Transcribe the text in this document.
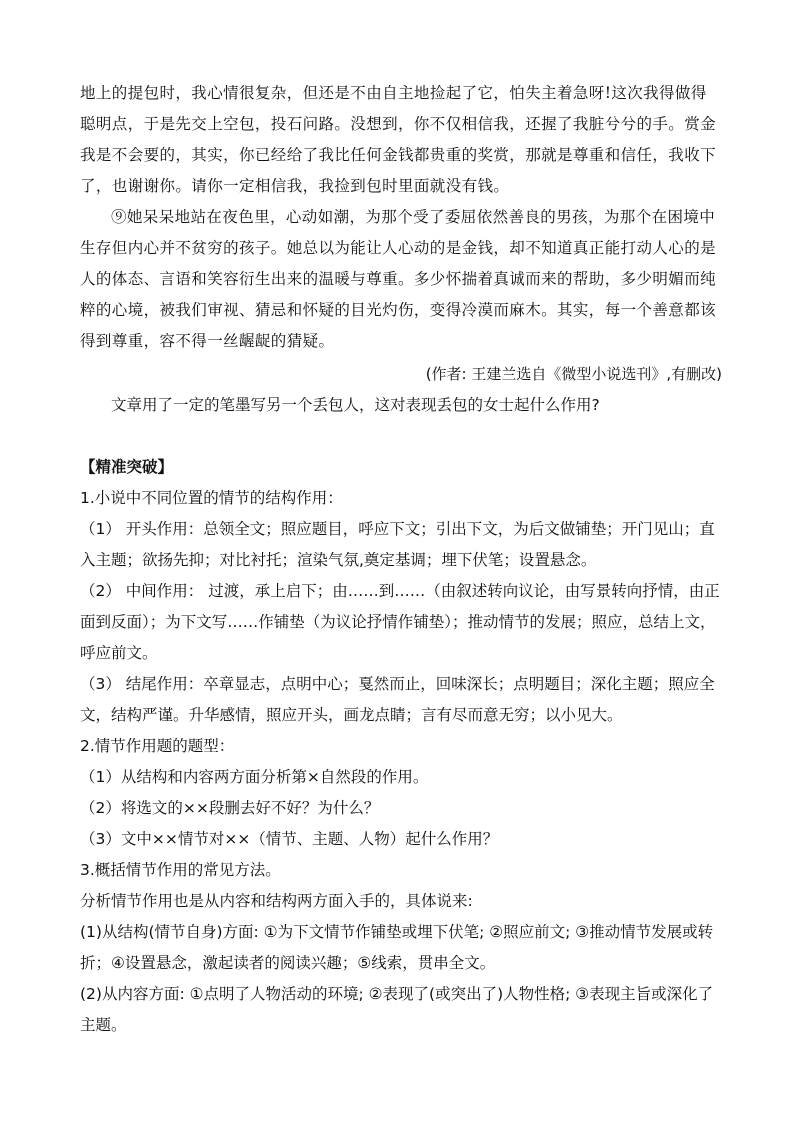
地上的提包时，我心情很复杂，但还是不由自主地捡起了它，怕失主着急呀!这次我得做得聪明点，于是先交上空包，投石问路。没想到，你不仅相信我，还握了我脏兮兮的手。赏金我是不会要的，其实，你已经给了我比任何金钱都贵重的奖赏，那就是尊重和信任，我收下了，也谢谢你。请你一定相信我，我捡到包时里面就没有钱。

⑨她呆呆地站在夜色里，心动如潮，为那个受了委屈依然善良的男孩，为那个在困境中生存但内心并不贫穷的孩子。她总以为能让人心动的是金钱，却不知道真正能打动人心的是人的体态、言语和笑容衍生出来的温暖与尊重。多少怀揣着真诚而来的帮助，多少明媚而纯粹的心境，被我们审视、猜忌和怀疑的目光灼伤，变得冷漠而麻木。其实，每一个善意都该得到尊重，容不得一丝龌龊的猜疑。

(作者: 王建兰选自《微型小说选刊》,有删改)

文章用了一定的笔墨写另一个丢包人，这对表现丢包的女士起什么作用?

【精准突破】

1.小说中不同位置的情节的结构作用：

（1） 开头作用：总领全文；照应题目，呼应下文；引出下文，为后文做铺垫；开门见山；直入主题；欲扬先抑；对比衬托；渲染气氛,奠定基调；埋下伏笔；设置悬念。

（2） 中间作用： 过渡，承上启下；由……到……（由叙述转向议论，由写景转向抒情，由正面到反面）；为下文写……作铺垫（为议论抒情作铺垫）；推动情节的发展；照应，总结上文，呼应前文。

（3） 结尾作用：卒章显志，点明中心；戛然而止，回味深长；点明题目；深化主题；照应全文，结构严谨。升华感情，照应开头，画龙点睛；言有尽而意无穷；以小见大。

2.情节作用题的题型：

（1）从结构和内容两方面分析第×自然段的作用。

（2）将选文的××段删去好不好？为什么？

（3）文中××情节对××（情节、主题、人物）起什么作用？

3.概括情节作用的常见方法。

分析情节作用也是从内容和结构两方面入手的，具体说来:

(1)从结构(情节自身)方面: ①为下文情节作铺垫或埋下伏笔; ②照应前文; ③推动情节发展或转折；④设置悬念，激起读者的阅读兴趣；⑤线索，贯串全文。

(2)从内容方面: ①点明了人物活动的环境; ②表现了(或突出了)人物性格; ③表现主旨或深化了主题。
